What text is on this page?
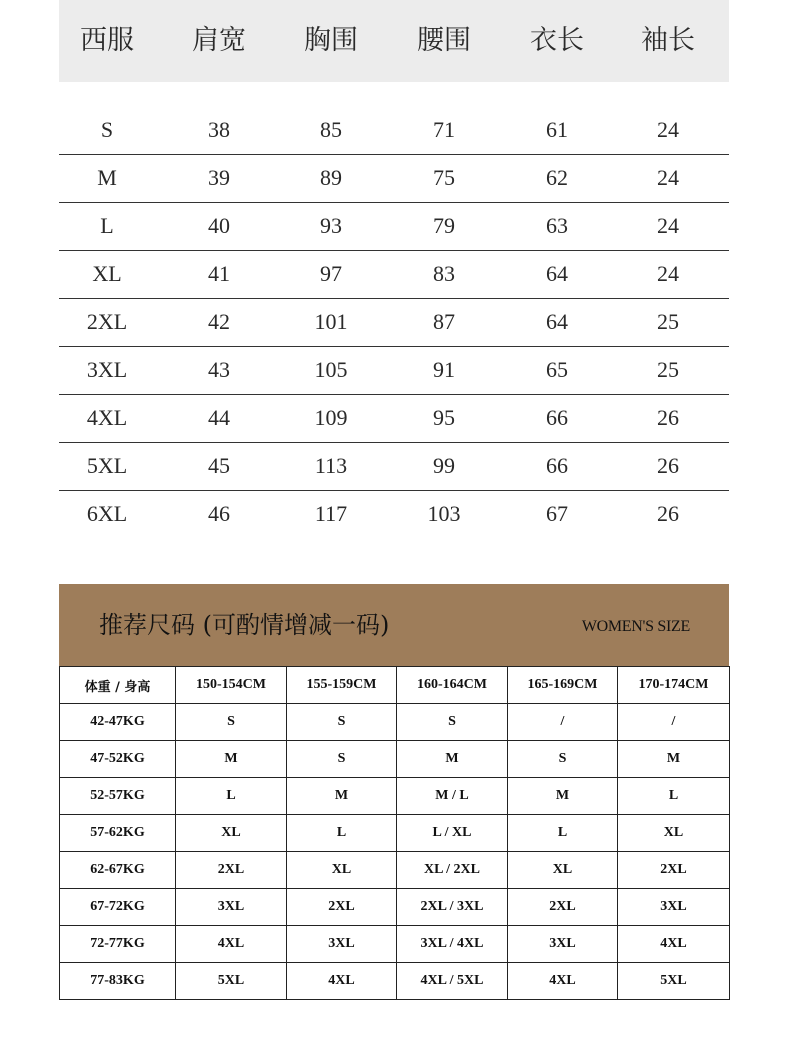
西服	肩宽	胸围	腰围	衣长	袖长
S	38	85	71	61	24
M	39	89	75	62	24
L	40	93	79	63	24
XL	41	97	83	64	24
2XL	42	101	87	64	25
3XL	43	105	91	65	25
4XL	44	109	95	66	26
5XL	45	113	99	66	26
6XL	46	117	103	67	26
推荐尺码 (可酌情增减一码)	WOMEN'S SIZE
体重 / 身高	150-154CM	155-159CM	160-164CM	165-169CM	170-174CM
42-47KG	S	S	S	/	/
47-52KG	M	S	M	S	M
52-57KG	L	M	M / L	M	L
57-62KG	XL	L	L / XL	L	XL
62-67KG	2XL	XL	XL / 2XL	XL	2XL
67-72KG	3XL	2XL	2XL / 3XL	2XL	3XL
72-77KG	4XL	3XL	3XL / 4XL	3XL	4XL
77-83KG	5XL	4XL	4XL / 5XL	4XL	5XL
